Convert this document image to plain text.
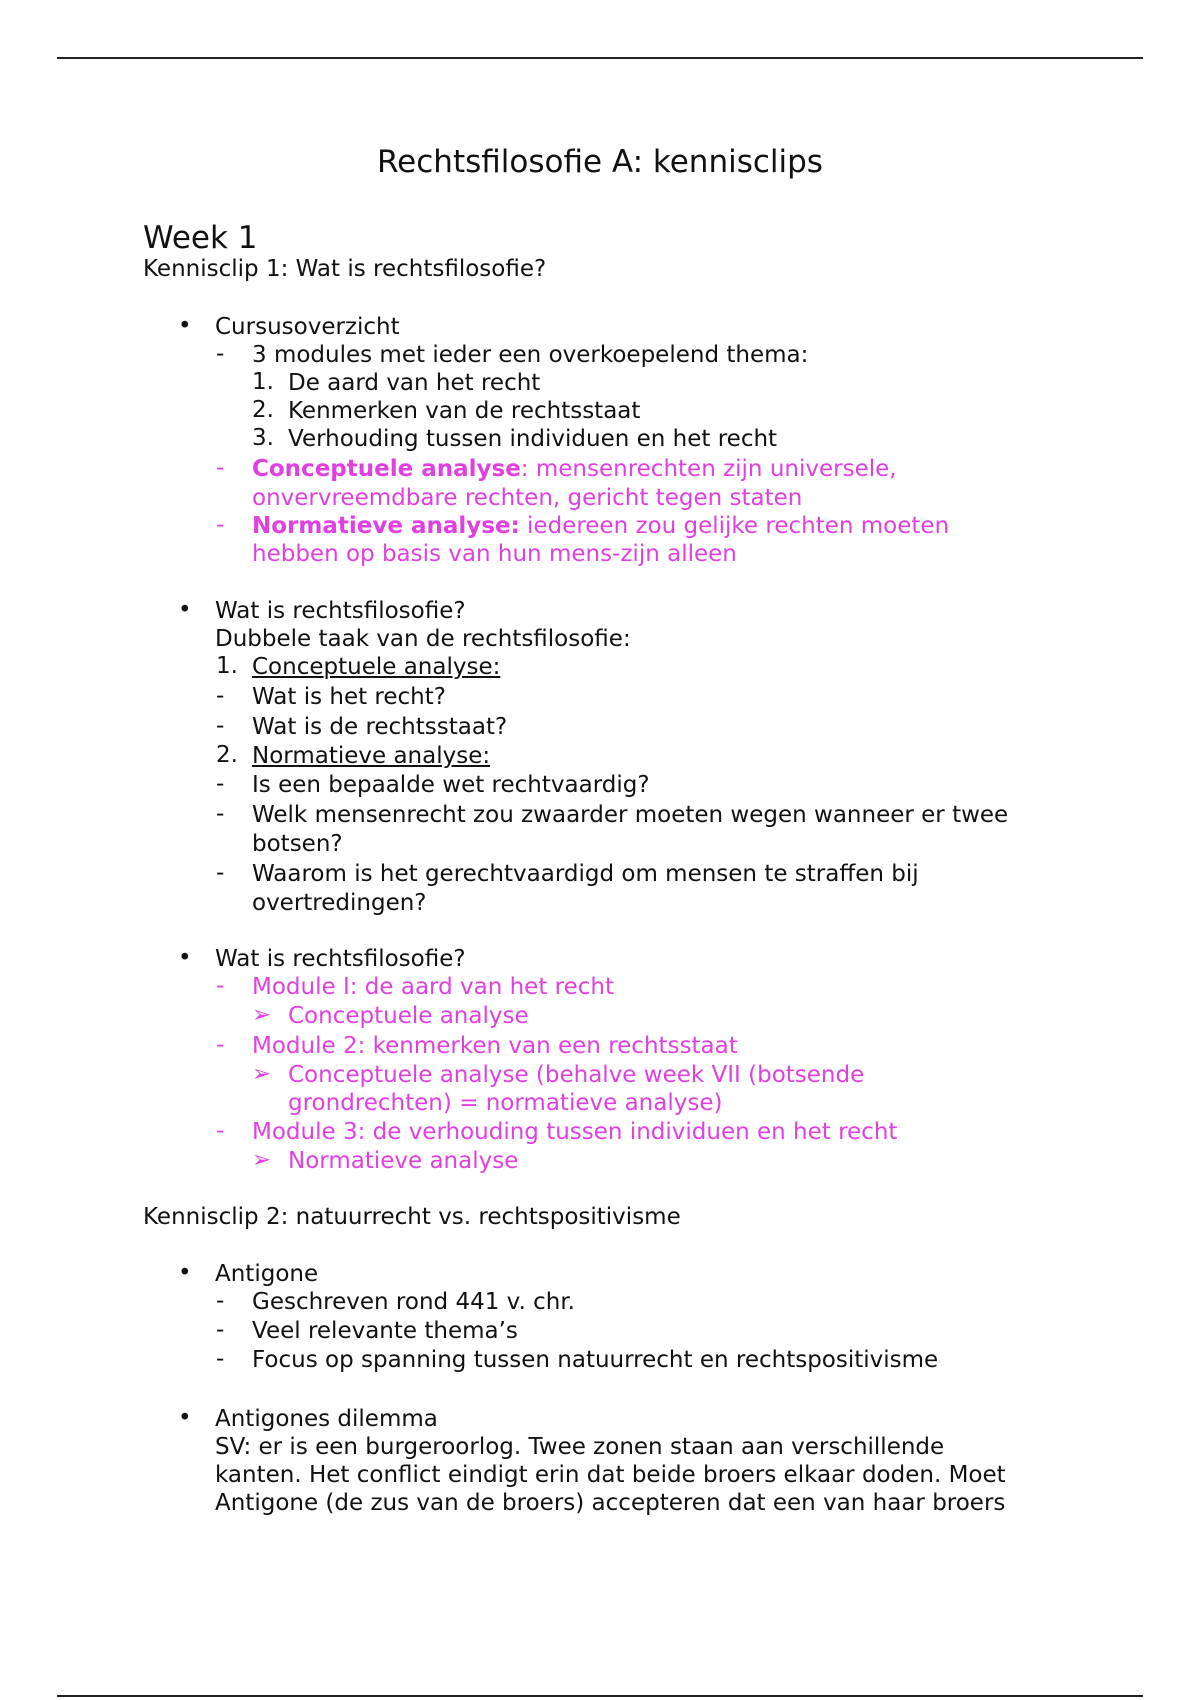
Rechtsfilosofie A: kennisclips
Week 1
Kennisclip 1: Wat is rechtsfilosofie?
• Cursusoverzicht
- 3 modules met ieder een overkoepelend thema:
1. De aard van het recht
2. Kenmerken van de rechtsstaat
3. Verhouding tussen individuen en het recht
- Conceptuele analyse: mensenrechten zijn universele,
onvervreemdbare rechten, gericht tegen staten
- Normatieve analyse: iedereen zou gelijke rechten moeten
hebben op basis van hun mens-zijn alleen
• Wat is rechtsfilosofie?
Dubbele taak van de rechtsfilosofie:
1. Conceptuele analyse:
- Wat is het recht?
- Wat is de rechtsstaat?
2. Normatieve analyse:
- Is een bepaalde wet rechtvaardig?
- Welk mensenrecht zou zwaarder moeten wegen wanneer er twee
botsen?
- Waarom is het gerechtvaardigd om mensen te straffen bij
overtredingen?
• Wat is rechtsfilosofie?
- Module I: de aard van het recht
➢ Conceptuele analyse
- Module 2: kenmerken van een rechtsstaat
➢ Conceptuele analyse (behalve week VII (botsende
grondrechten) = normatieve analyse)
- Module 3: de verhouding tussen individuen en het recht
➢ Normatieve analyse
Kennisclip 2: natuurrecht vs. rechtspositivisme
• Antigone
- Geschreven rond 441 v. chr.
- Veel relevante thema’s
- Focus op spanning tussen natuurrecht en rechtspositivisme
• Antigones dilemma
SV: er is een burgeroorlog. Twee zonen staan aan verschillende
kanten. Het conflict eindigt erin dat beide broers elkaar doden. Moet
Antigone (de zus van de broers) accepteren dat een van haar broers
